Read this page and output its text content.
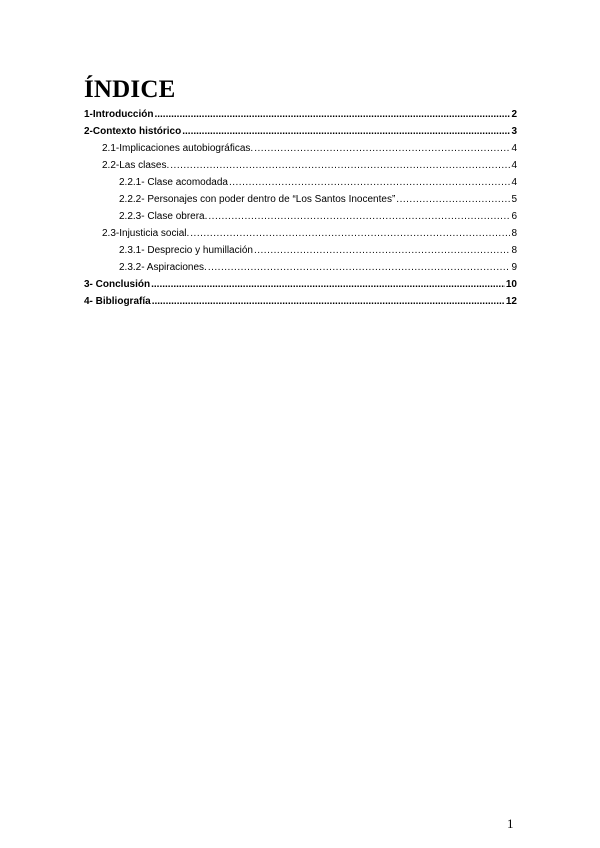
ÍNDICE
1-Introducción .....	2
2-Contexto histórico .....	3
2.1-Implicaciones autobiográficas. .....	4
2.2-Las clases. .....	4
2.2.1- Clase acomodada .....	4
2.2.2- Personajes con poder dentro de “Los Santos Inocentes” .....	5
2.2.3- Clase obrera. .....	6
2.3-Injusticia social. .....	8
2.3.1- Desprecio y humillación .....	8
2.3.2- Aspiraciones. .....	9
3- Conclusión .....	10
4- Bibliografía .....	12
1
